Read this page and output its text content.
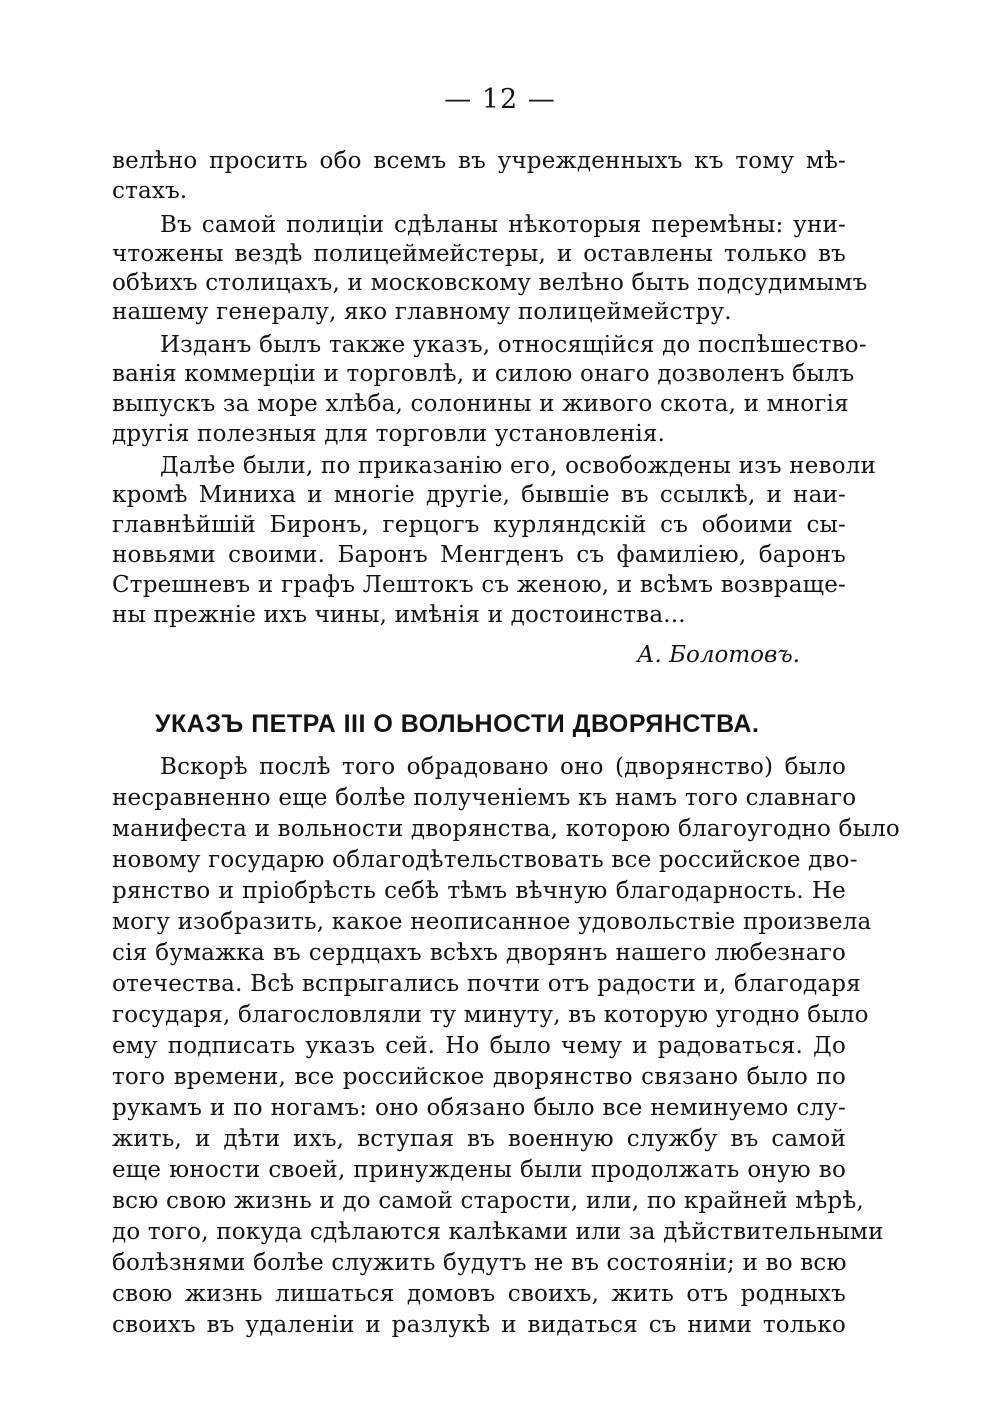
— 12 —
велѣно просить обо всемъ въ учрежденныхъ къ тому мѣ-
стахъ.
Въ самой полиціи сдѣланы нѣкоторыя перемѣны: уни-
чтожены вездѣ полицеймейстеры, и оставлены только въ
обѣихъ столицахъ, и московскому велѣно быть подсудимымъ
нашему генералу, яко главному полицеймейстру.
Изданъ былъ также указъ, относящійся до поспѣшество-
ванія коммерціи и торговлѣ, и силою онаго дозволенъ былъ
выпускъ за море хлѣба, солонины и живого скота, и многія
другія полезныя для торговли установленія.
Далѣе были, по приказанію его, освобождены изъ неволи
кромѣ Миниха и многіе другіе, бывшіе въ ссылкѣ, и наи-
главнѣйшій Биронъ, герцогъ курляндскій съ обоими сы-
новьями своими. Баронъ Менгденъ съ фамиліею, баронъ
Стрешневъ и графъ Лештокъ съ женою, и всѣмъ возвраще-
ны прежніе ихъ чины, имѣнія и достоинства...
А. Болотовъ.
УКАЗЪ ПЕТРА III О ВОЛЬНОСТИ ДВОРЯНСТВА.
Вскорѣ послѣ того обрадовано оно (дворянство) было
несравненно еще болѣе полученіемъ къ намъ того славнаго
манифеста и вольности дворянства, которою благоугодно было
новому государю облагодѣтельствовать все российское дво-
рянство и пріобрѣсть себѣ тѣмъ вѣчную благодарность. Не
могу изобразить, какое неописанное удовольствіе произвела
сія бумажка въ сердцахъ всѣхъ дворянъ нашего любезнаго
отечества. Всѣ вспрыгались почти отъ радости и, благодаря
государя, благословляли ту минуту, въ которую угодно было
ему подписать указъ сей. Но было чему и радоваться. До
того времени, все российское дворянство связано было по
рукамъ и по ногамъ: оно обязано было все неминуемо слу-
жить, и дѣти ихъ, вступая въ военную службу въ самой
еще юности своей, принуждены были продолжать оную во
всю свою жизнь и до самой старости, или, по крайней мѣрѣ,
до того, покуда сдѣлаются калѣками или за дѣйствительными
болѣзнями болѣе служить будутъ не въ состояніи; и во всю
свою жизнь лишаться домовъ своихъ, жить отъ родныхъ
своихъ въ удаленіи и разлукѣ и видаться съ ними только
